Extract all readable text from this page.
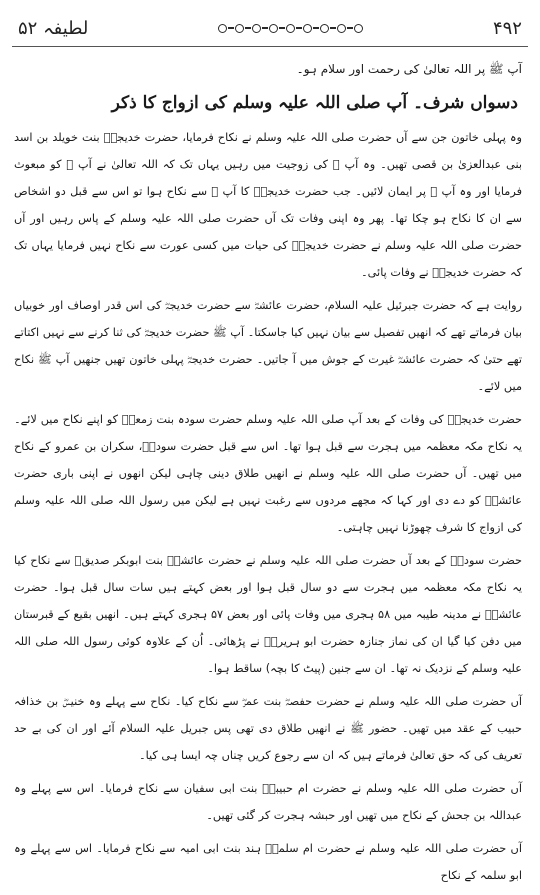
لطیفہ ۵۲	۴۹۲

آپ ﷺ پر اللہ تعالیٰ کی رحمت اور سلام ہو۔

دسواں شرف۔ آپ صلی اللہ علیہ وسلم کی ازواج کا ذکر

وہ پہلی خاتون جن سے آں حضرت صلی اللہ علیہ وسلم نے نکاح فرمایا، حضرت خدیجہؓ بنت خویلد بن اسد بنی عبدالعزیٰ بن قصی تھیں۔ وہ آپ ﷺ کی زوجیت میں رہیں یہاں تک کہ اللہ تعالیٰ نے آپ ﷺ کو مبعوث فرمایا اور وہ آپ ﷺ پر ایمان لائیں۔ جب حضرت خدیجہؓ کا آپ ﷺ سے نکاح ہوا تو اس سے قبل دو اشخاص سے ان کا نکاح ہو چکا تھا۔ پھر وہ اپنی وفات تک آں حضرت صلی اللہ علیہ وسلم کے پاس رہیں اور آں حضرت صلی اللہ علیہ وسلم نے حضرت خدیجہؓ کی حیات میں کسی عورت سے نکاح نہیں فرمایا یہاں تک کہ حضرت خدیجہؓ نے وفات پائی۔

روایت ہے کہ حضرت جبرئیل علیہ السلام، حضرت عائشہؓ سے حضرت خدیجہؓ کی اس قدر اوصاف اور خوبیاں بیان فرماتے تھے کہ انھیں تفصیل سے بیان نہیں کیا جاسکتا۔ آپ ﷺ حضرت خدیجہؓ کی ثنا کرنے سے نہیں اکتاتے تھے حتیٰ کہ حضرت عائشہؓ غیرت کے جوش میں آ جاتیں۔ حضرت خدیجہؓ پہلی خاتون تھیں جنھیں آپ ﷺ نکاح میں لائے۔

حضرت خدیجہؓ کی وفات کے بعد آپ صلی اللہ علیہ وسلم حضرت سودہ بنت زمعہؓ کو اپنے نکاح میں لائے۔ یہ نکاح مکہ معظمہ میں ہجرت سے قبل ہوا تھا۔ اس سے قبل حضرت سودہؓ، سکران بن عمرو کے نکاح میں تھیں۔ آں حضرت صلی اللہ علیہ وسلم نے انھیں طلاق دینی چاہی لیکن انھوں نے اپنی باری حضرت عائشہؓ کو دے دی اور کہا کہ مجھے مردوں سے رغبت نہیں ہے لیکن میں رسول اللہ صلی اللہ علیہ وسلم کی ازواج کا شرف چھوڑنا نہیں چاہتی۔

حضرت سودہؓ کے بعد آں حضرت صلی اللہ علیہ وسلم نے حضرت عائشہؓ بنت ابوبکر صدیقؓ سے نکاح کیا یہ نکاح مکہ معظمہ میں ہجرت سے دو سال قبل ہوا اور بعض کہتے ہیں سات سال قبل ہوا۔ حضرت عائشہؓ نے مدینہ طیبہ میں ۵۸ ہجری میں وفات پائی اور بعض ۵۷ ہجری کہتے ہیں۔ انھیں بقیع کے قبرستان میں دفن کیا گیا ان کی نماز جنازہ حضرت ابو ہریرہؓ نے پڑھائی۔ اُن کے علاوہ کوئی رسول اللہ صلی اللہ علیہ وسلم کے نزدیک نہ تھا۔ ان سے جنین (پیٹ کا بچہ) ساقط ہوا۔

آں حضرت صلی اللہ علیہ وسلم نے حضرت حفصہؓ بنت عمرؓ سے نکاح کیا۔ نکاح سے پہلے وہ خنیسؓ بن خذافہ حبیب کے عقد میں تھیں۔ حضور ﷺ نے انھیں طلاق دی تھی پس جبریل علیہ السلام آئے اور ان کی بے حد تعریف کی کہ حق تعالیٰ فرماتے ہیں کہ ان سے رجوع کریں چناں چہ ایسا ہی کیا۔

آں حضرت صلی اللہ علیہ وسلم نے حضرت ام حبیبہؓ بنت ابی سفیان سے نکاح فرمایا۔ اس سے پہلے وہ عبداللہ بن جحش کے نکاح میں تھیں اور حبشہ ہجرت کر گئی تھیں۔

آں حضرت صلی اللہ علیہ وسلم نے حضرت ام سلمہؓ ہند بنت ابی امیہ سے نکاح فرمایا۔ اس سے پہلے وہ ابو سلمہ کے نکاح
